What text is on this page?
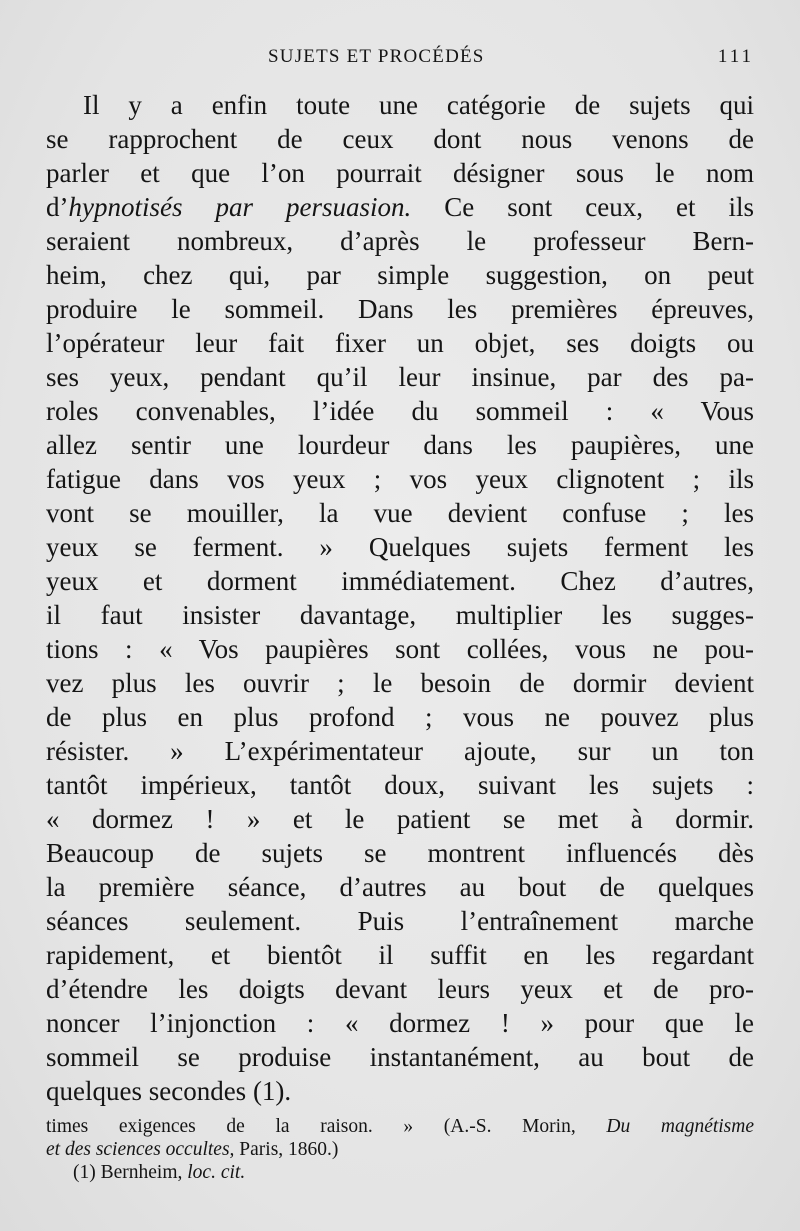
SUJETS ET PROCÉDÉS	111
Il y a enfin toute une catégorie de sujets qui
se rapprochent de ceux dont nous venons de
parler et que l’on pourrait désigner sous le nom
d’hypnotisés par persuasion. Ce sont ceux, et ils
seraient nombreux, d’après le professeur Bern-
heim, chez qui, par simple suggestion, on peut
produire le sommeil. Dans les premières épreuves,
l’opérateur leur fait fixer un objet, ses doigts ou
ses yeux, pendant qu’il leur insinue, par des pa-
roles convenables, l’idée du sommeil : « Vous
allez sentir une lourdeur dans les paupières, une
fatigue dans vos yeux ; vos yeux clignotent ; ils
vont se mouiller, la vue devient confuse ; les
yeux se ferment. » Quelques sujets ferment les
yeux et dorment immédiatement. Chez d’autres,
il faut insister davantage, multiplier les sugges-
tions : « Vos paupières sont collées, vous ne pou-
vez plus les ouvrir ; le besoin de dormir devient
de plus en plus profond ; vous ne pouvez plus
résister. » L’expérimentateur ajoute, sur un ton
tantôt impérieux, tantôt doux, suivant les sujets :
« dormez ! » et le patient se met à dormir.
Beaucoup de sujets se montrent influencés dès
la première séance, d’autres au bout de quelques
séances seulement. Puis l’entraînement marche
rapidement, et bientôt il suffit en les regardant
d’étendre les doigts devant leurs yeux et de pro-
noncer l’injonction : « dormez ! » pour que le
sommeil se produise instantanément, au bout de
quelques secondes (1).
times exigences de la raison. » (A.-S. Morin, Du magnétisme
et des sciences occultes, Paris, 1860.)
(1) Bernheim, loc. cit.
